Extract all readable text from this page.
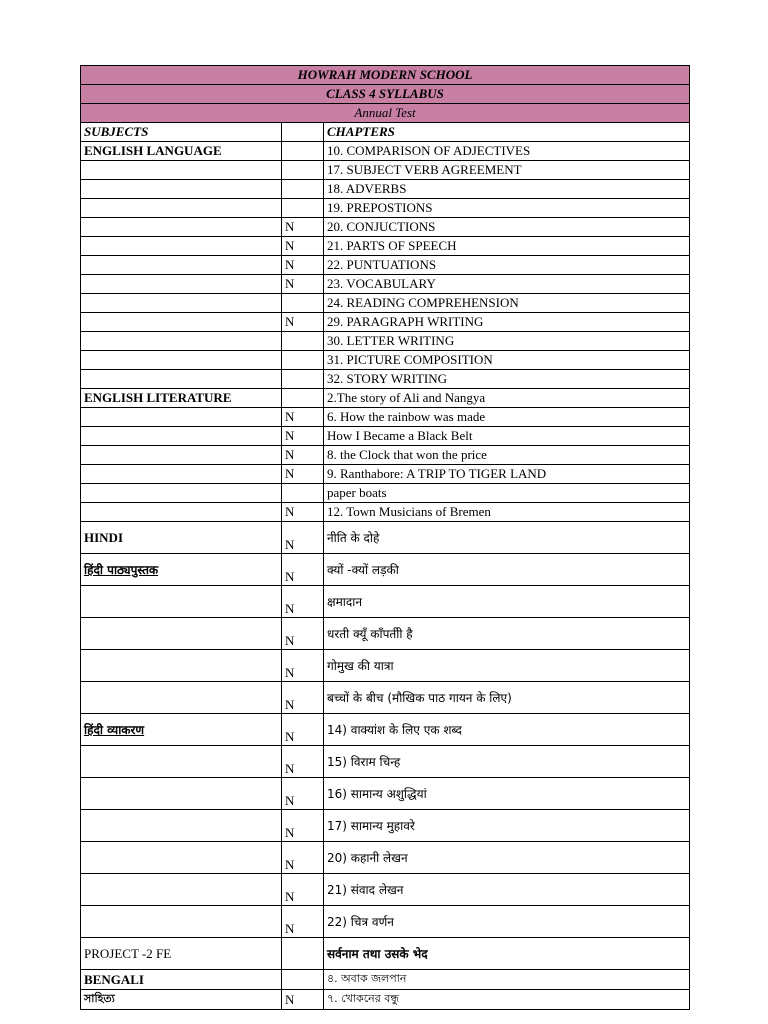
HOWRAH MODERN SCHOOL		
CLASS 4 SYLLABUS		
Annual Test		
SUBJECTS		CHAPTERS
ENGLISH LANGUAGE		10. COMPARISON OF ADJECTIVES
		17. SUBJECT VERB AGREEMENT
		18. ADVERBS
		19. PREPOSTIONS
	N	20. CONJUCTIONS
	N	21. PARTS OF SPEECH
	N	22. PUNTUATIONS
	N	23. VOCABULARY
		24. READING COMPREHENSION
	N	29. PARAGRAPH WRITING
		30. LETTER WRITING
		31. PICTURE COMPOSITION
		32. STORY WRITING
ENGLISH LITERATURE		2.The story of Ali and Nangya
	N	6. How the rainbow was made
	N	How I Became a Black Belt
	N	8. the Clock that won the price
	N	9. Ranthabore: A TRIP TO TIGER LAND
		paper boats
	N	12. Town Musicians of Bremen
HINDI	N	नीति के दोहे
हिंदी पाठ्यपुस्तक	N	क्यों -क्यों लड़की
	N	क्षमादान
	N	धरती क्यूँ काँपतीी है
	N	गोमुख की यात्रा
	N	बच्चों के बीच (मौखिक पाठ गायन के लिए)
हिंदी व्याकरण	N	14) वाक्यांश के लिए एक शब्द
	N	15) विराम चिन्ह
	N	16) सामान्य अशुद्धियां
	N	17) सामान्य मुहावरे
	N	20) कहानी लेखन
	N	21) संवाद लेखन
	N	22) चित्र वर्णन
PROJECT -2 FE		सर्वनाम तथा उसके भेद
BENGALI		৪. অবাক জলপান
সাহিত্য	N	৭. খোকনের বন্ধু
